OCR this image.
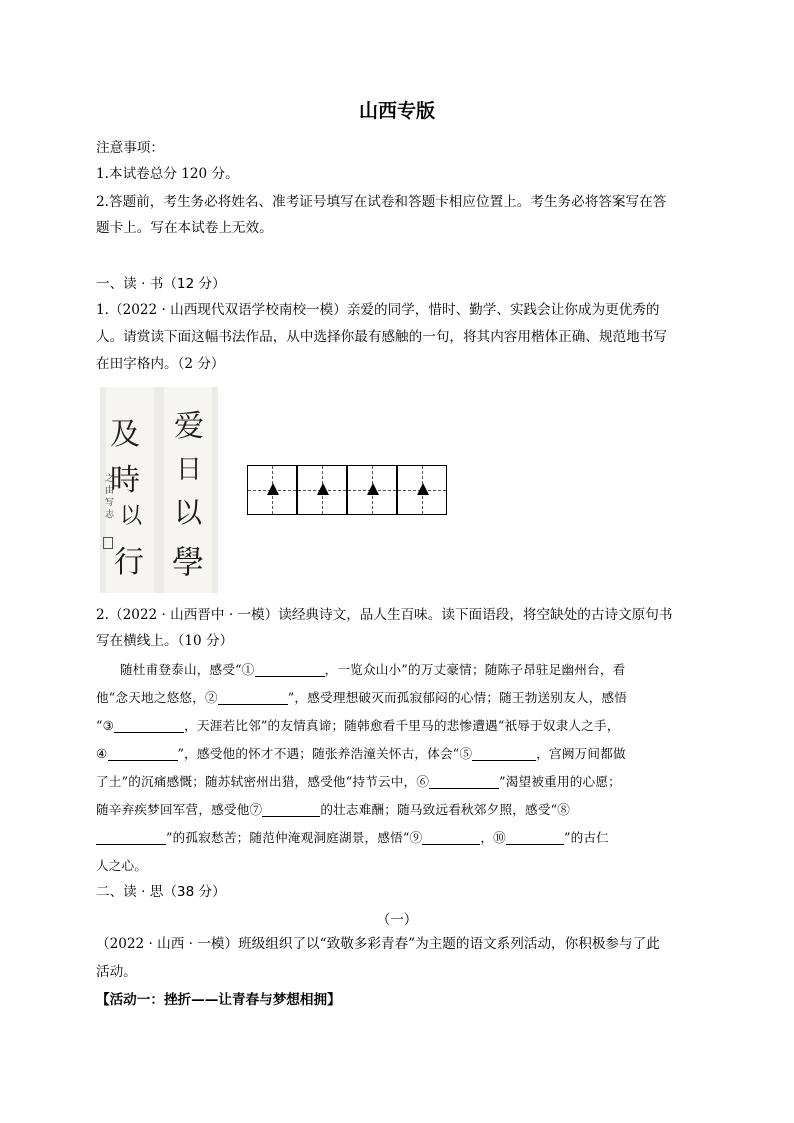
山西专版
注意事项：
1.本试卷总分 120 分。
2.答题前，考生务必将姓名、准考证号填写在试卷和答题卡相应位置上。考生务必将答案写在答
题卡上。写在本试卷上无效。
一、读 · 书（12 分）
1.（2022 · 山西现代双语学校南校一模）亲爱的同学，惜时、勤学、实践会让你成为更优秀的
人。请赏读下面这幅书法作品，从中选择你最有感触的一句，将其内容用楷体正确、规范地书写
在田字格内。（2 分）
爱
日
以
學
及
時
以
行
之由写志
2.（2022 · 山西晋中 · 一模）读经典诗文，品人生百味。读下面语段，将空缺处的古诗文原句书
写在横线上。（10 分）
随杜甫登泰山，感受“①	，一览众山小”的万丈豪情；随陈子昂驻足幽州台，看
他“念天地之悠悠，②	”，感受理想破灭而孤寂郁闷的心情；随王勃送别友人，感悟
“③	，天涯若比邻”的友情真谛；随韩愈看千里马的悲惨遭遇“祇辱于奴隶人之手，
④	”，感受他的怀才不遇；随张养浩潼关怀古，体会“⑤	，宫阙万间都做
了土”的沉痛感慨；随苏轼密州出猎，感受他“持节云中，⑥	”渴望被重用的心愿；
随辛弃疾梦回军营，感受他⑦	的壮志难酬；随马致远看秋郊夕照，感受“⑧
”的孤寂愁苦；随范仲淹观洞庭湖景，感悟“⑨	，⑩	”的古仁
人之心。
二、读 · 思（38 分）
（一）
（2022 · 山西 · 一模）班级组织了以“致敬多彩青春”为主题的语文系列活动，你积极参与了此
活动。
【活动一：挫折——让青春与梦想相拥】
